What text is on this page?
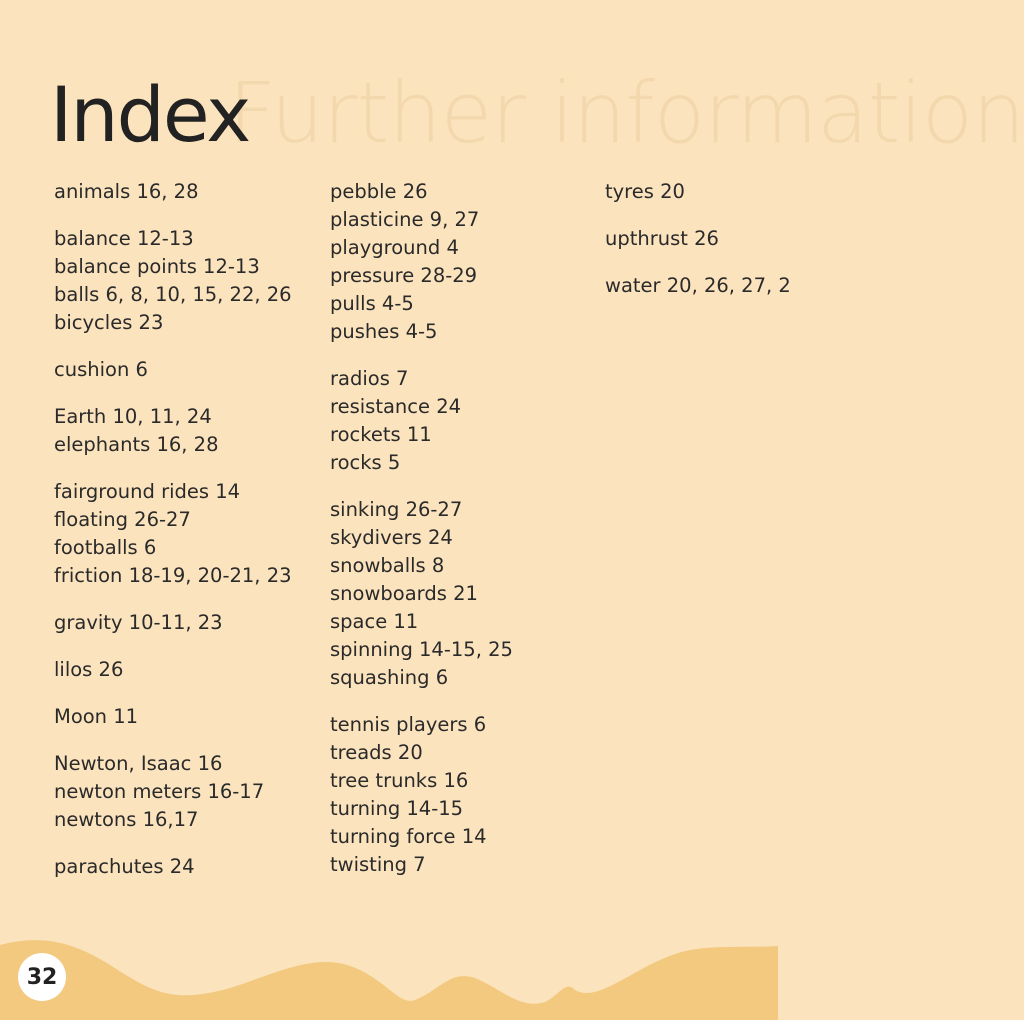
Further information
Index
animals 16, 28
balance 12-13
balance points 12-13
balls 6, 8, 10, 15, 22, 26
bicycles 23
cushion 6
Earth 10, 11, 24
elephants 16, 28
fairground rides 14
floating 26-27
footballs 6
friction 18-19, 20-21, 23
gravity 10-11, 23
lilos 26
Moon 11
Newton, Isaac 16
newton meters 16-17
newtons 16,17
parachutes 24
pebble 26
plasticine 9, 27
playground 4
pressure 28-29
pulls 4-5
pushes 4-5
radios 7
resistance 24
rockets 11
rocks 5
sinking 26-27
skydivers 24
snowballs 8
snowboards 21
space 11
spinning 14-15, 25
squashing 6
tennis players 6
treads 20
tree trunks 16
turning 14-15
turning force 14
twisting 7
tyres 20
upthrust 26
water 20, 26, 27, 2
32
